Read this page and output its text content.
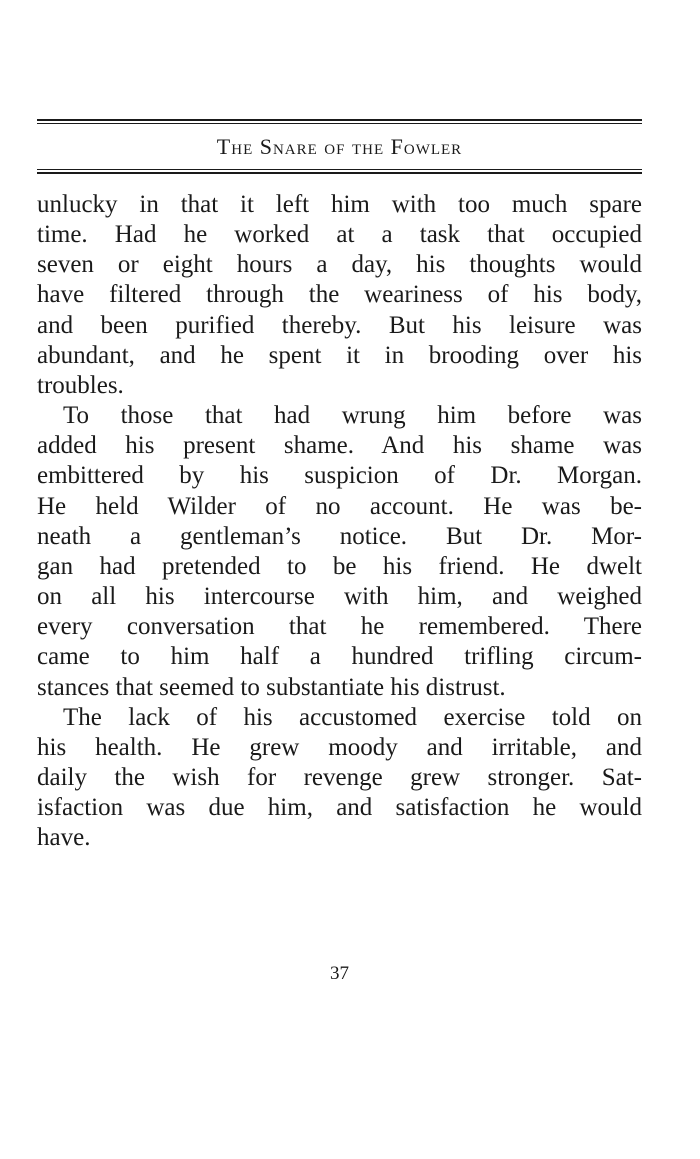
The Snare of the Fowler
unlucky in that it left him with too much spare
time. Had he worked at a task that occupied
seven or eight hours a day, his thoughts would
have filtered through the weariness of his body,
and been purified thereby. But his leisure was
abundant, and he spent it in brooding over his
troubles.
To those that had wrung him before was
added his present shame. And his shame was
embittered by his suspicion of Dr. Morgan.
He held Wilder of no account. He was be-
neath a gentleman’s notice. But Dr. Mor-
gan had pretended to be his friend. He dwelt
on all his intercourse with him, and weighed
every conversation that he remembered. There
came to him half a hundred trifling circum-
stances that seemed to substantiate his distrust.
The lack of his accustomed exercise told on
his health. He grew moody and irritable, and
daily the wish for revenge grew stronger. Sat-
isfaction was due him, and satisfaction he would
have.
37
